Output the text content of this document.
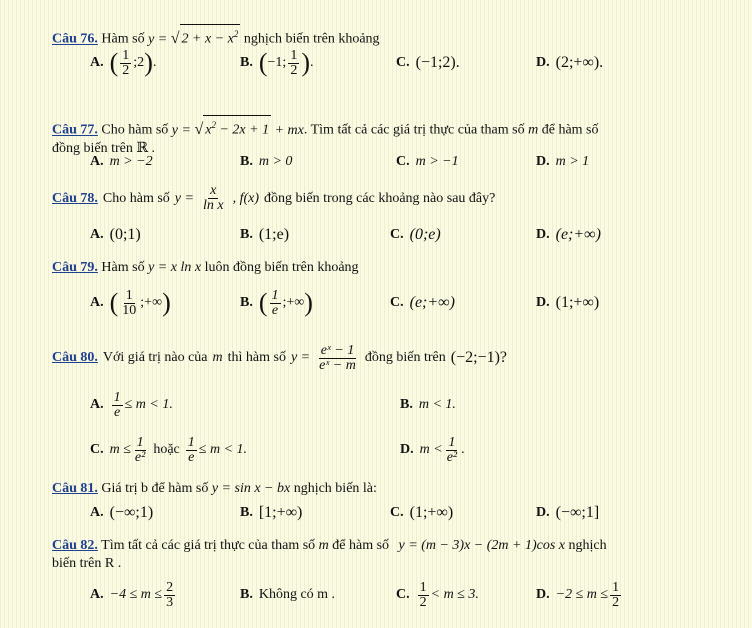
Câu 76. Hàm số y = √ $2 + x - x^2$ nghịch biến trên khoảng
A. ( $\frac{1}{2}$ ;2 ) .	B. ( −1; $\frac{1}{2}$ ) .	C. (−1;2).	D. (2;+∞).
Câu 77. Cho hàm số y = √ $x^2 - 2x + 1$ + mx. Tìm tất cả các giá trị thực của tham số m để hàm số
đồng biến trên ℝ .
A. m > −2	B. m > 0	C. m > −1	D. m > 1
Câu 78. Cho hàm số $y = \frac{x}{\text{ln x}}$ , f(x) đồng biến trong các khoảng nào sau đây?
A. (0;1)	B. (1;e)	C. (0;e)	D. (e;+∞)
Câu 79. Hàm số y = x ln x luôn đồng biến trên khoảng
A. ( $\frac{1}{10}$ ;+∞ )	B. ( $\frac{1}{e}$ ;+∞ )	C. (e;+∞)	D. (1;+∞)
Câu 80. Với giá trị nào của m thì hàm số $y = \frac{\text{eˣ − 1}}{\text{eˣ − m}}$ đồng biến trên (−2;−1)?
A. $\frac{1}{e} \le m < 1$.	B. m < 1.
C. $m \le \frac{1}{\text{e²}}$ hoặc $\frac{1}{e} \le m < 1$.	D. $m < \frac{1}{\text{e²}}$ .
Câu 81. Giá trị b để hàm số y = sin x − bx nghịch biến là:
A. (−∞;1)	B. [1;+∞)	C. (1;+∞)	D. (−∞;1]
Câu 82. Tìm tất cả các giá trị thực của tham số m để hàm số y = (m − 3)x − (2m + 1)cos x nghịch
biến trên R .
A. $-4 \le m \le \frac{2}{3}$	B. Không có m .	C. $\frac{1}{2} < m \le 3$.	D. $-2 \le m \le \frac{1}{2}$
